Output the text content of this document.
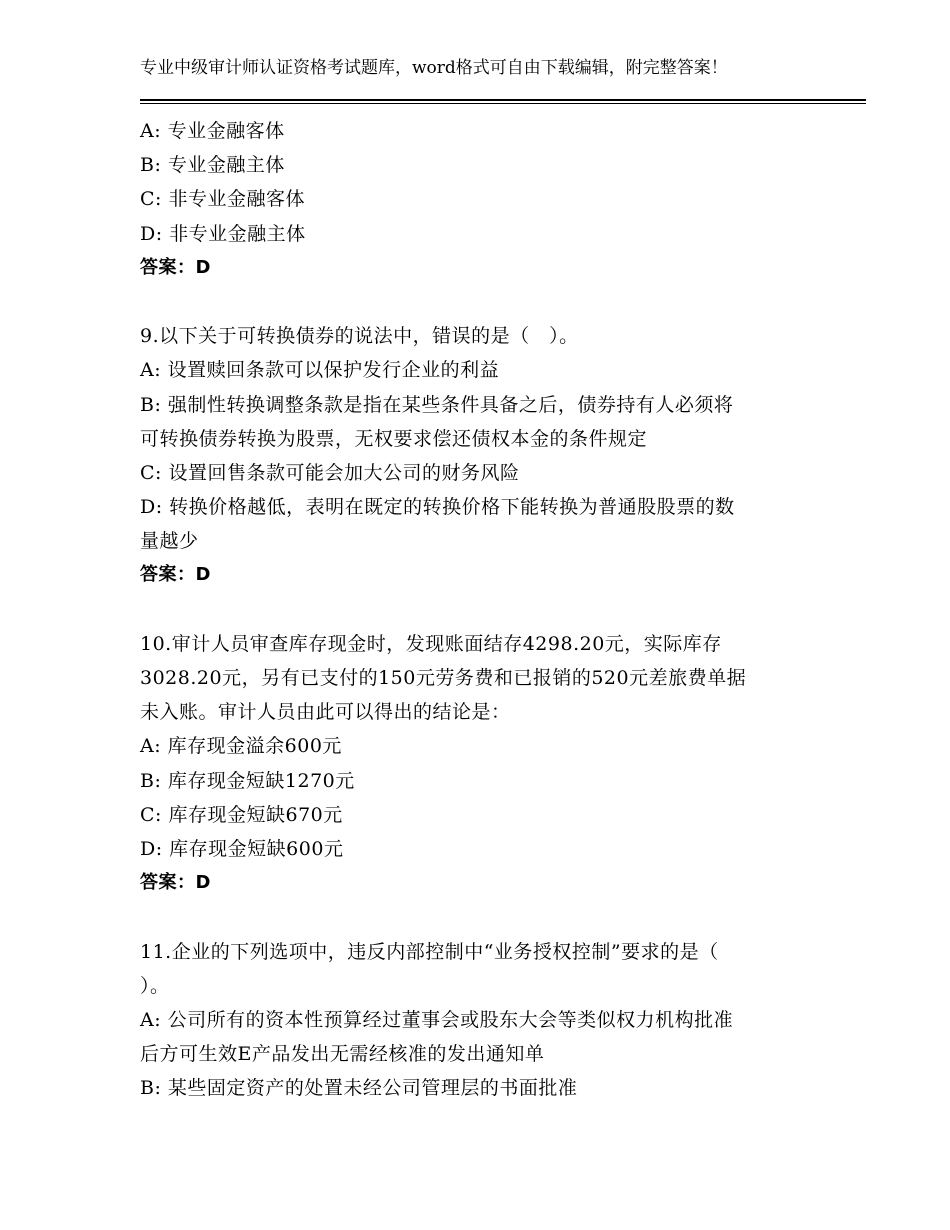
专业中级审计师认证资格考试题库，word格式可自由下载编辑，附完整答案！
A: 专业金融客体
B: 专业金融主体
C: 非专业金融客体
D: 非专业金融主体
答案：D
9.以下关于可转换债券的说法中，错误的是（　）。
A: 设置赎回条款可以保护发行企业的利益
B: 强制性转换调整条款是指在某些条件具备之后，债券持有人必须将
可转换债券转换为股票，无权要求偿还债权本金的条件规定
C: 设置回售条款可能会加大公司的财务风险
D: 转换价格越低，表明在既定的转换价格下能转换为普通股股票的数
量越少
答案：D
10.审计人员审查库存现金时，发现账面结存4298.20元，实际库存
3028.20元，另有已支付的150元劳务费和已报销的520元差旅费单据
未入账。审计人员由此可以得出的结论是：
A: 库存现金溢余600元
B: 库存现金短缺1270元
C: 库存现金短缺670元
D: 库存现金短缺600元
答案：D
11.企业的下列选项中，违反内部控制中“业务授权控制”要求的是（
）。
A: 公司所有的资本性预算经过董事会或股东大会等类似权力机构批准
后方可生效E产品发出无需经核准的发出通知单
B: 某些固定资产的处置未经公司管理层的书面批准
